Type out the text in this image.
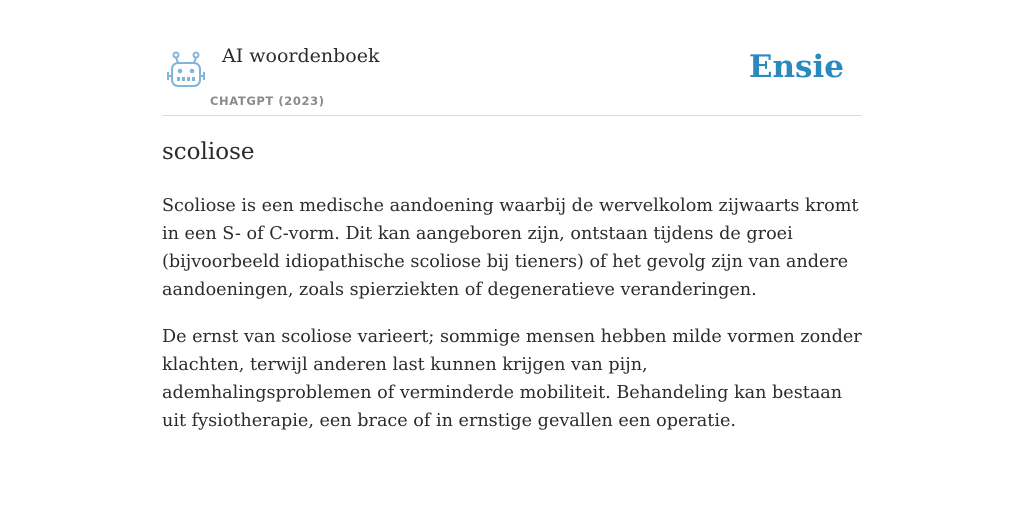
AI woordenboek
CHATGPT (2023)
Ensie
scoliose

Scoliose is een medische aandoening waarbij de wervelkolom zijwaarts kromt in een S- of C-vorm. Dit kan aangeboren zijn, ontstaan tijdens de groei (bijvoorbeeld idiopathische scoliose bij tieners) of het gevolg zijn van andere aandoeningen, zoals spierziekten of degeneratieve veranderingen.

De ernst van scoliose varieert; sommige mensen hebben milde vormen zonder klachten, terwijl anderen last kunnen krijgen van pijn, ademhalingsproblemen of verminderde mobiliteit. Behandeling kan bestaan uit fysiotherapie, een brace of in ernstige gevallen een operatie.
